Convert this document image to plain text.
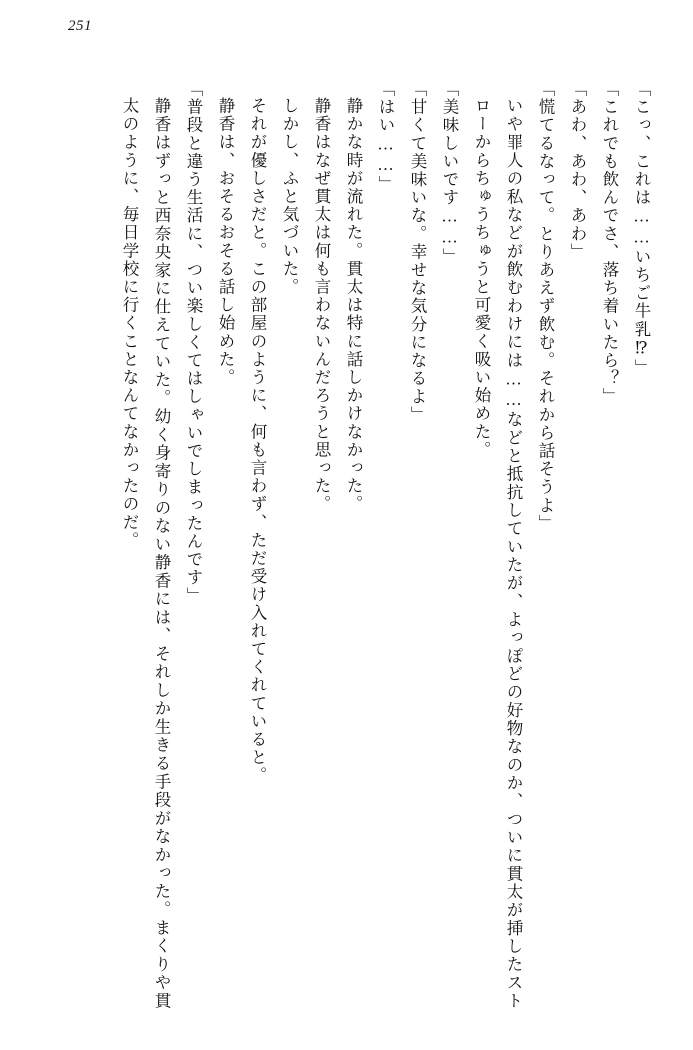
251

「こっ、これは……いちご牛乳⁉」

「これでも飲んでさ、落ち着いたら？」

「あわ、あわ、あわ」

「慌てるなって。とりあえず飲む。それから話そうよ」

いや罪人の私などが飲むわけには……などと抵抗していたが、よっぽどの好物なのか、ついに貫太が挿したストローからちゅうちゅうと可愛く吸い始めた。

「美味しいです……」

「甘くて美味いな。幸せな気分になるよ」

「はい……」

静かな時が流れた。貫太は特に話しかけなかった。

静香はなぜ貫太は何も言わないんだろうと思った。

しかし、ふと気づいた。

それが優しさだと。この部屋のように、何も言わず、ただ受け入れてくれていると。

静香は、おそるおそる話し始めた。

「普段と違う生活に、つい楽しくてはしゃいでしまったんです」

静香はずっと西奈央家に仕えていた。幼く身寄りのない静香には、それしか生きる手段がなかった。まくりや貫太のように、毎日学校に行くことなんてなかったのだ。
